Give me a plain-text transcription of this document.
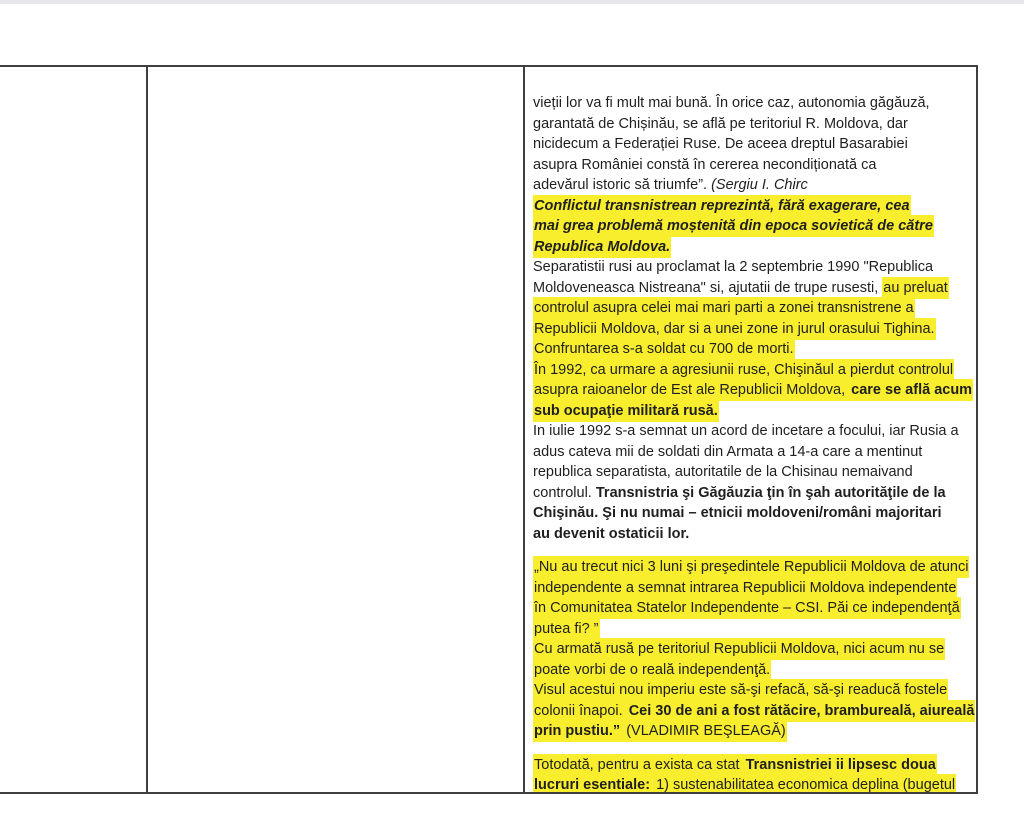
vieții lor va fi mult mai bună. În orice caz, autonomia găgăuză,
garantată de Chișinău, se află pe teritoriul R. Moldova, dar
nicidecum a Federației Ruse. De aceea dreptul Basarabiei
asupra României constă în cererea necondiționată ca
adevărul istoric să triumfe”. (Sergiu I. Chirc
Conflictul transnistrean reprezintă, fără exagerare, cea
mai grea problemă moștenită din epoca sovietică de către
Republica Moldova.
Separatistii rusi au proclamat la 2 septembrie 1990 "Republica
Moldoveneasca Nistreana" si, ajutatii de trupe rusesti, au preluat
controlul asupra celei mai mari parti a zonei transnistrene a
Republicii Moldova, dar si a unei zone in jurul orasului Tighina.
Confruntarea s-a soldat cu 700 de morti.
În 1992, ca urmare a agresiunii ruse, Chişinăul a pierdut controlul
asupra raioanelor de Est ale Republicii Moldova, care se află acum
sub ocupaţie militară rusă.
In iulie 1992 s-a semnat un acord de incetare a focului, iar Rusia a
adus cateva mii de soldati din Armata a 14-a care a mentinut
republica separatista, autoritatile de la Chisinau nemaivand
controlul. Transnistria şi Găgăuzia ţin în şah autorităţile de la
Chişinău. Şi nu numai – etnicii moldoveni/români majoritari
au devenit ostaticii lor.
„Nu au trecut nici 3 luni şi preşedintele Republicii Moldova de atunci
independente a semnat intrarea Republicii Moldova independente
în Comunitatea Statelor Independente – CSI. Păi ce independenţă
putea fi? ”
Cu armată rusă pe teritoriul Republicii Moldova, nici acum nu se
poate vorbi de o reală independenţă.
Visul acestui nou imperiu este să-şi refacă, să-şi readucă fostele
colonii înapoi. Cei 30 de ani a fost rătăcire, brambureală, aiureală
prin pustiu.” (VLADIMIR BEŞLEAGĂ)
Totodată, pentru a exista ca stat Transnistriei ii lipsesc doua
lucruri esentiale: 1) sustenabilitatea economica deplina (bugetul
